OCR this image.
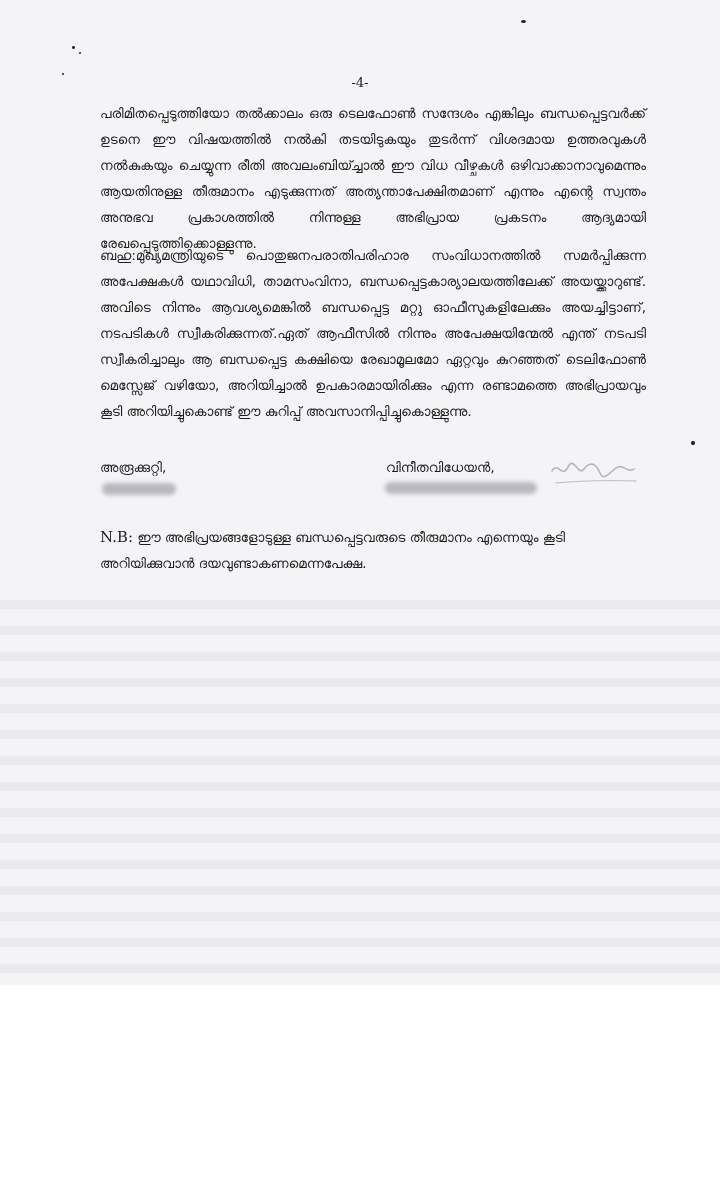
-4-

പരിമിതപ്പെടുത്തിയോ തൽക്കാലം ഒരു ടെലഫോൺ സന്ദേശം എങ്കിലും ബന്ധപ്പെട്ടവർക്ക് ഉടനെ ഈ വിഷയത്തിൽ നൽകി തടയിടുകയും തുടർന്ന് വിശദമായ ഉത്തരവുകൾ നൽകുകയും ചെയ്യുന്ന രീതി അവലംബിയ്ച്ചാൽ ഈ വിധ വീഴ്ചകൾ ഒഴിവാക്കാനാവുമെന്നും ആയതിനുള്ള തീരുമാനം എടുക്കുന്നത് അത്യന്താപേക്ഷിതമാണ് എന്നും എന്റെ സ്വന്തം അനുഭവ പ്രകാശത്തിൽ നിന്നുള്ള അഭിപ്രായ പ്രകടനം ആദ്യമായി രേഖപ്പെടുത്തിക്കൊള്ളുന്നു.

ബഹു:മുഖ്യമന്ത്രിയുടെ പൊതുജനപരാതിപരിഹാര സംവിധാനത്തിൽ സമർപ്പിക്കുന്ന അപേക്ഷകൾ യഥാവിധി, താമസംവിനാ, ബന്ധപ്പെട്ടകാര്യാലയത്തിലേക്ക് അയയ്ക്കാറുണ്ട്. അവിടെ നിന്നും ആവശ്യമെങ്കിൽ ബന്ധപ്പെട്ട മറ്റു ഓഫീസുകളിലേക്കും അയച്ചിട്ടാണ്, നടപടികൾ സ്വീകരിക്കുന്നത്.ഏത് ആഫീസിൽ നിന്നും അപേക്ഷയിന്മേൽ എന്ത് നടപടി സ്വീകരിച്ചാലും ആ ബന്ധപ്പെട്ട കക്ഷിയെ രേഖാമൂലമോ ഏറ്റവും കുറഞ്ഞത് ടെലിഫോൺ മെസ്സേജ് വഴിയോ, അറിയിച്ചാൽ ഉപകാരമായിരിക്കും എന്ന രണ്ടാമത്തെ അഭിപ്രായവും കൂടി അറിയിച്ചുകൊണ്ട് ഈ കുറിപ്പ് അവസാനിപ്പിച്ചുകൊള്ളുന്നു.

അരൂക്കുറ്റി,	വിനീതവിധേയൻ,

N.B: ഈ അഭിപ്രയങ്ങളോടുള്ള ബന്ധപ്പെട്ടവരുടെ തീരുമാനം എന്നെയും കൂടി അറിയിക്കുവാൻ ദയവുണ്ടാകണമെന്നപേക്ഷ.
